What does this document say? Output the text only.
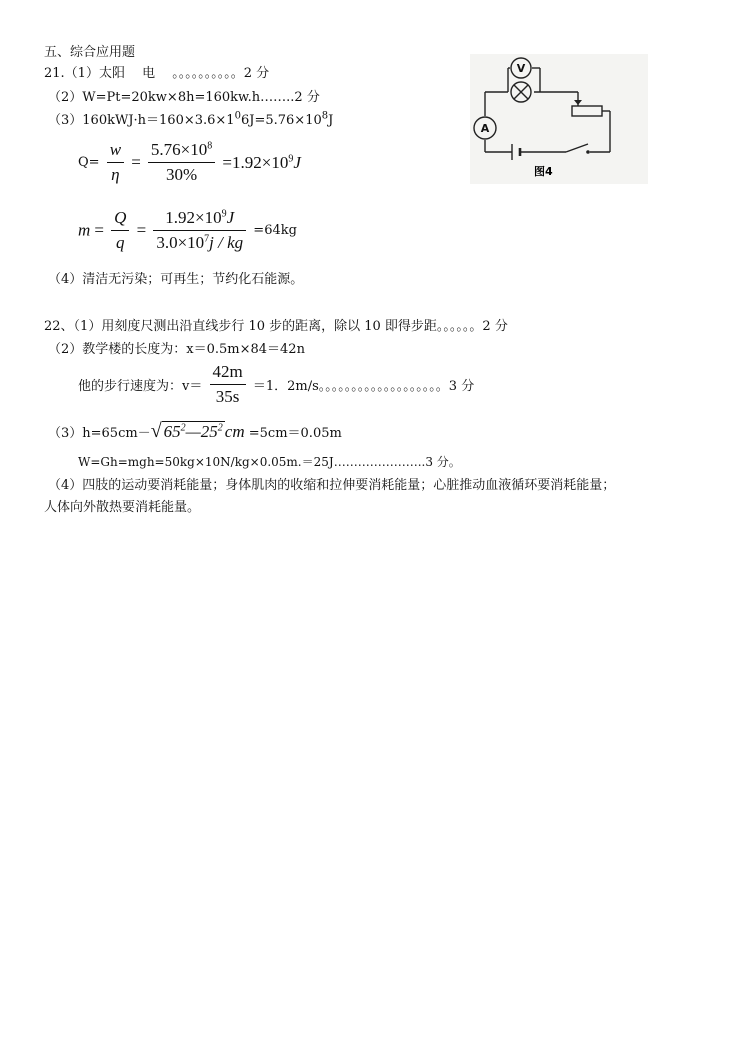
五、综合应用题
21.（1）太阳　 电　 。。。。。。。。。。2 分
（2）W=Pt=20kw×8h=160kw.h……..2 分
$(3)160kWJ\cdot h=160\times 3.6\times 1^06J=5.76\times 10^8J$
$Q= \frac{w}{\eta} = \frac{5.76\times 10^8}{30\%} =1.92\times 10^9J$
$m = \frac{Q}{q} = \frac{1.92\times 10^9J}{3.0\times 10^7j / kg} =64kg$
（4）清洁无污染；可再生；节约化石能源。
22、（1）用刻度尺测出沿直线步行 10 步的距离，除以 10 即得步距。。。。。。2 分
（2）教学楼的长度为：x＝0.5m×84＝42n
他的步行速度为：$v= \frac{42m}{35s} =1$．2m/s。。。。。。。。。。。。。。。。。。。3 分
（3）h=65cm－√ $65^2—25^2$ cm =5cm＝0.05m
W=Gh=mgh=50kg×10N/kg×0.05m.＝25J…………………..3 分。
（4）四肢的运动要消耗能量；身体肌肉的收缩和拉伸要消耗能量；心脏推动血液循环要消耗能量；
人体向外散热要消耗能量。
V
A
图4
